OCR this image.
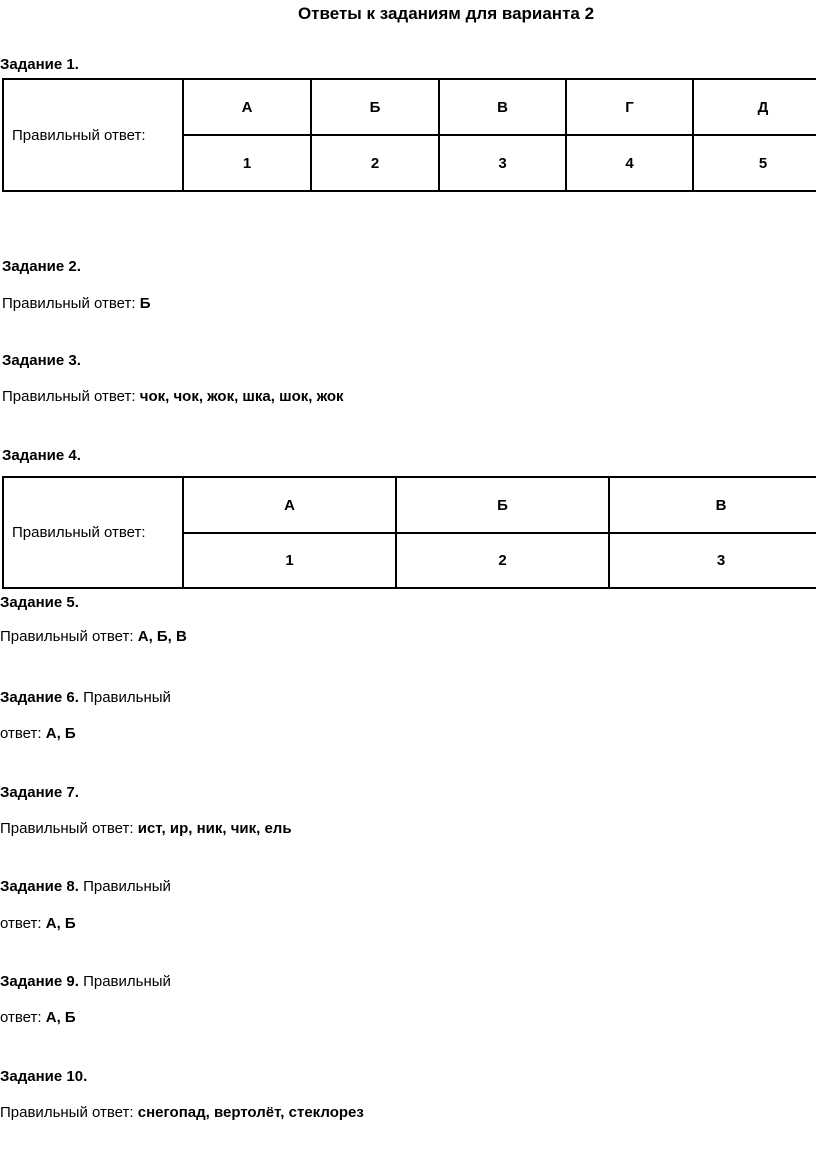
Ответы к заданиям для варианта 2
Задание 1.
Правильный ответ:	А	Б	В	Г	Д
	1	2	3	4	5
Задание 2.
Правильный ответ: Б
Задание 3.
Правильный ответ: чок, чок, жок, шка, шок, жок
Задание 4.
Правильный ответ:	А	Б	В
	1	2	3
Задание 5.
Правильный ответ: А, Б, В
Задание 6. Правильный
ответ: А, Б
Задание 7.
Правильный ответ: ист, ир, ник, чик, ель
Задание 8. Правильный
ответ: А, Б
Задание 9. Правильный
ответ: А, Б
Задание 10.
Правильный ответ: снегопад, вертолёт, стеклорез
